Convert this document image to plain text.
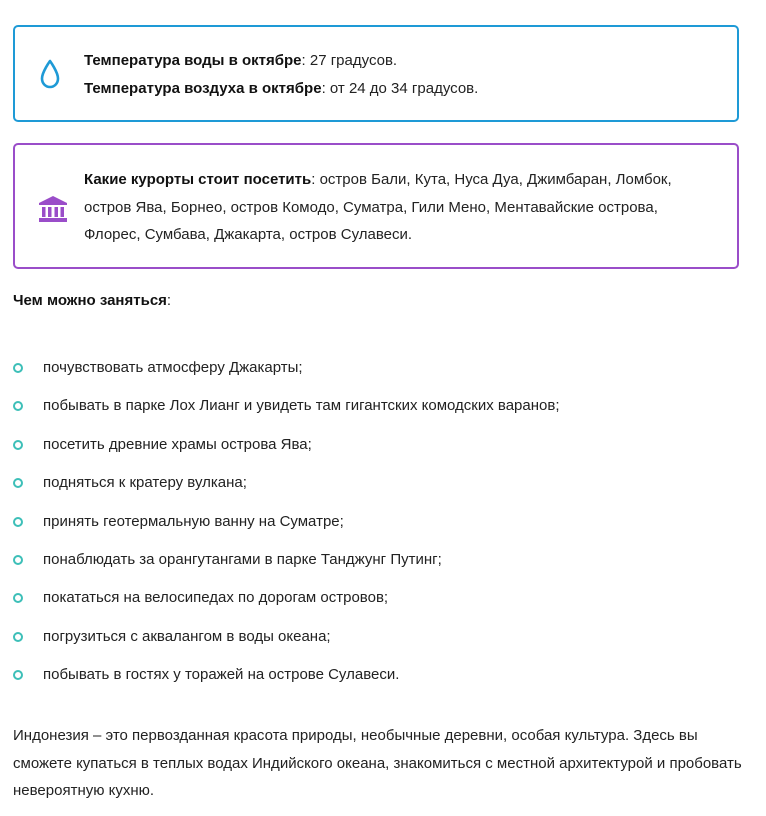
Температура воды в октябре: 27 градусов.
Температура воздуха в октябре: от 24 до 34 градусов.
Какие курорты стоит посетить: остров Бали, Кута, Нуса Дуа, Джимбаран, Ломбок, остров Ява, Борнео, остров Комодо, Суматра, Гили Мено, Ментавайские острова, Флорес, Сумбава, Джакарта, остров Сулавеси.
Чем можно заняться:
почувствовать атмосферу Джакарты;
побывать в парке Лох Лианг и увидеть там гигантских комодских варанов;
посетить древние храмы острова Ява;
подняться к кратеру вулкана;
принять геотермальную ванну на Суматре;
понаблюдать за орангутангами в парке Танджунг Путинг;
покататься на велосипедах по дорогам островов;
погрузиться с аквалангом в воды океана;
побывать в гостях у торажей на острове Сулавеси.
Индонезия – это первозданная красота природы, необычные деревни, особая культура. Здесь вы сможете купаться в теплых водах Индийского океана, знакомиться с местной архитектурой и пробовать невероятную кухню.
